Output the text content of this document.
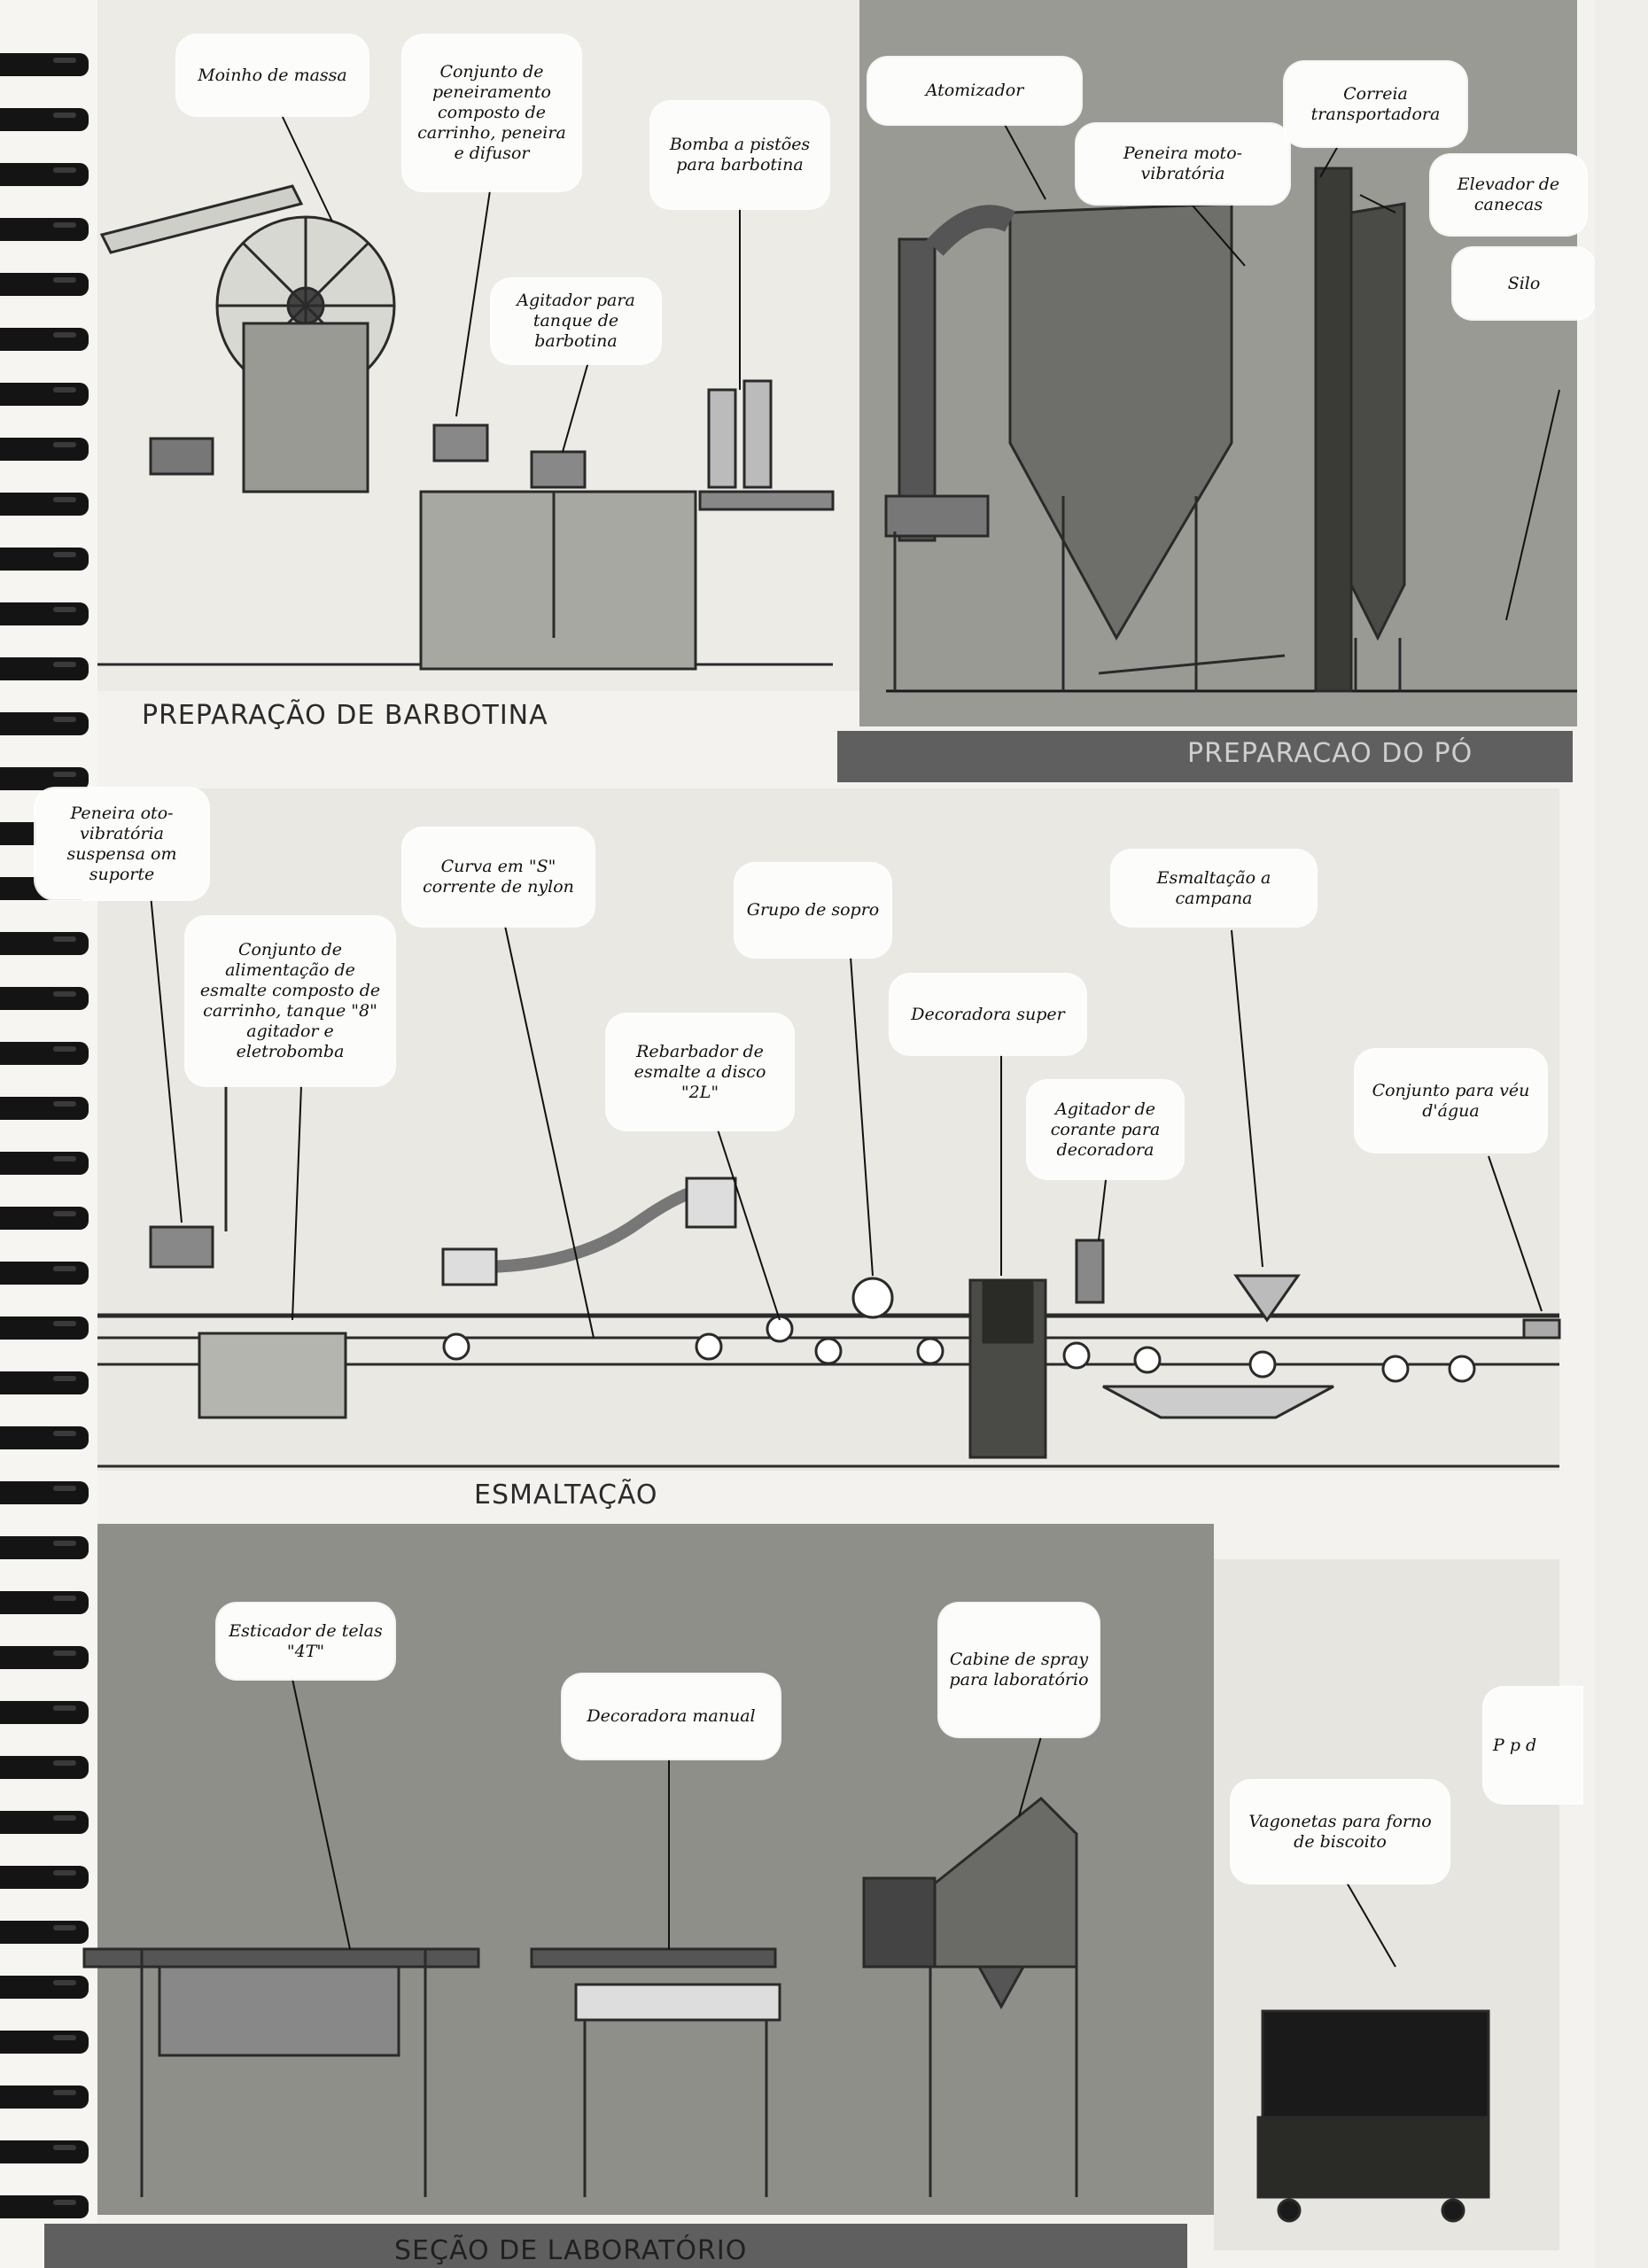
PREPARAÇÃO DE BARBOTINA
PREPARACAO DO PÓ
ESMALTAÇÃO
SEÇÃO DE LABORATÓRIO
Moinho de massa	Conjunto de peneiramento composto de carrinho, peneira e difusor	Bomba a pistões para barbotina
Agitador para tanque de barbotina
Atomizador
Peneira moto-vibratória
Correia transportadora
Elevador de canecas
Silo
Peneira oto-vibratória suspensa om suporte
Conjunto de alimentação de esmalte composto de carrinho, tanque "8" agitador e eletrobomba
Curva em "S" corrente de nylon
Rebarbador de esmalte a disco "2L"
Grupo de sopro
Decoradora super
Agitador de corante para decoradora
Esmaltação a campana
Conjunto para véu d'água
Esticador de telas "4T"
Decoradora manual
Cabine de spray para laboratório
Vagonetas para forno de biscoito
P p d
